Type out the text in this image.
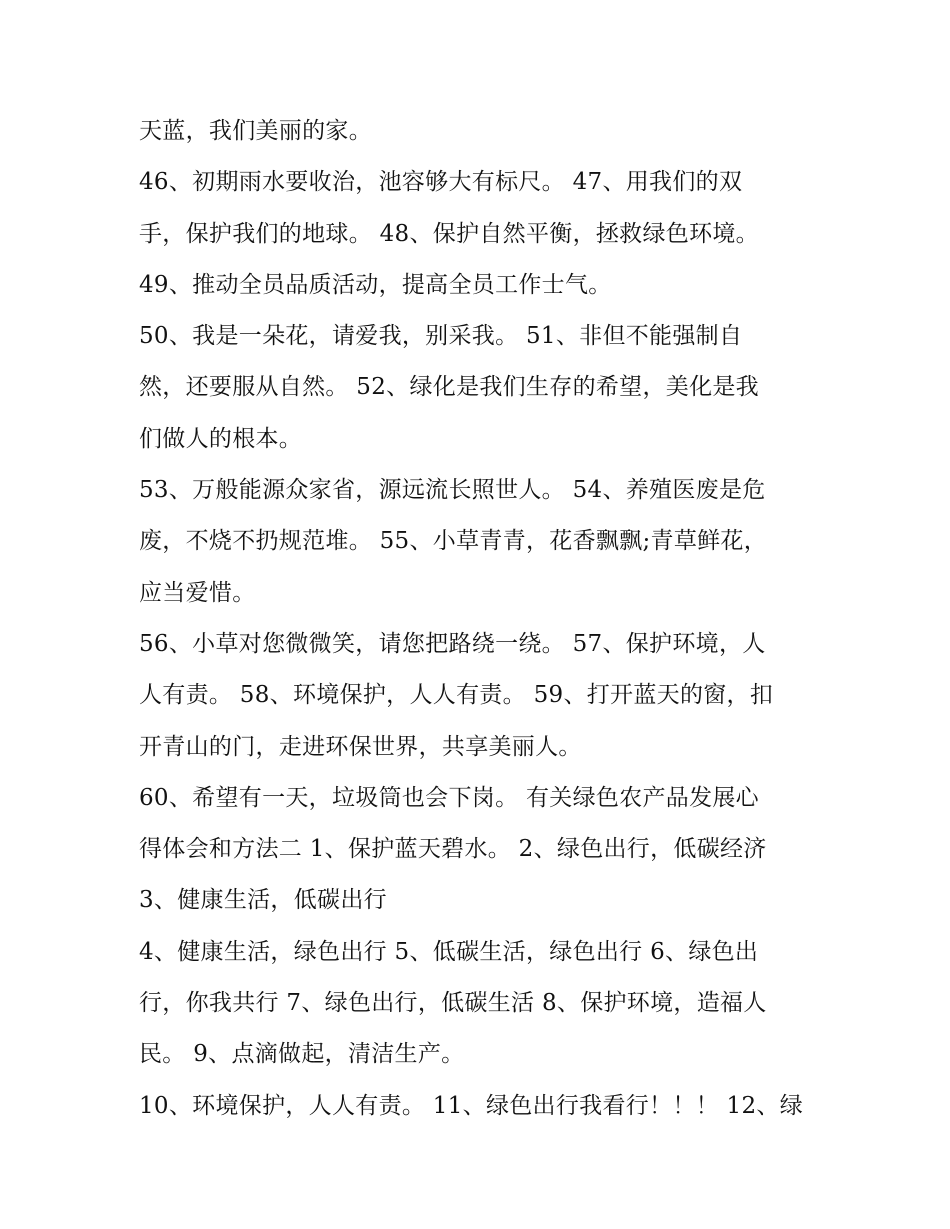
天蓝，我们美丽的家。
46、初期雨水要收治，池容够大有标尺。 47、用我们的双
手，保护我们的地球。 48、保护自然平衡，拯救绿色环境。
49、推动全员品质活动，提高全员工作士气。
50、我是一朵花，请爱我，别采我。 51、非但不能强制自
然，还要服从自然。 52、绿化是我们生存的希望，美化是我
们做人的根本。
53、万般能源众家省，源远流长照世人。 54、养殖医废是危
废，不烧不扔规范堆。 55、小草青青，花香飘飘;青草鲜花，
应当爱惜。
56、小草对您微微笑，请您把路绕一绕。 57、保护环境，人
人有责。 58、环境保护，人人有责。 59、打开蓝天的窗，扣
开青山的门，走进环保世界，共享美丽人。
60、希望有一天，垃圾筒也会下岗。 有关绿色农产品发展心
得体会和方法二 1、保护蓝天碧水。 2、绿色出行，低碳经济
3、健康生活，低碳出行
4、健康生活，绿色出行 5、低碳生活，绿色出行 6、绿色出
行，你我共行 7、绿色出行，低碳生活 8、保护环境，造福人
民。 9、点滴做起，清洁生产。
10、环境保护，人人有责。 11、绿色出行我看行！！！ 12、绿
